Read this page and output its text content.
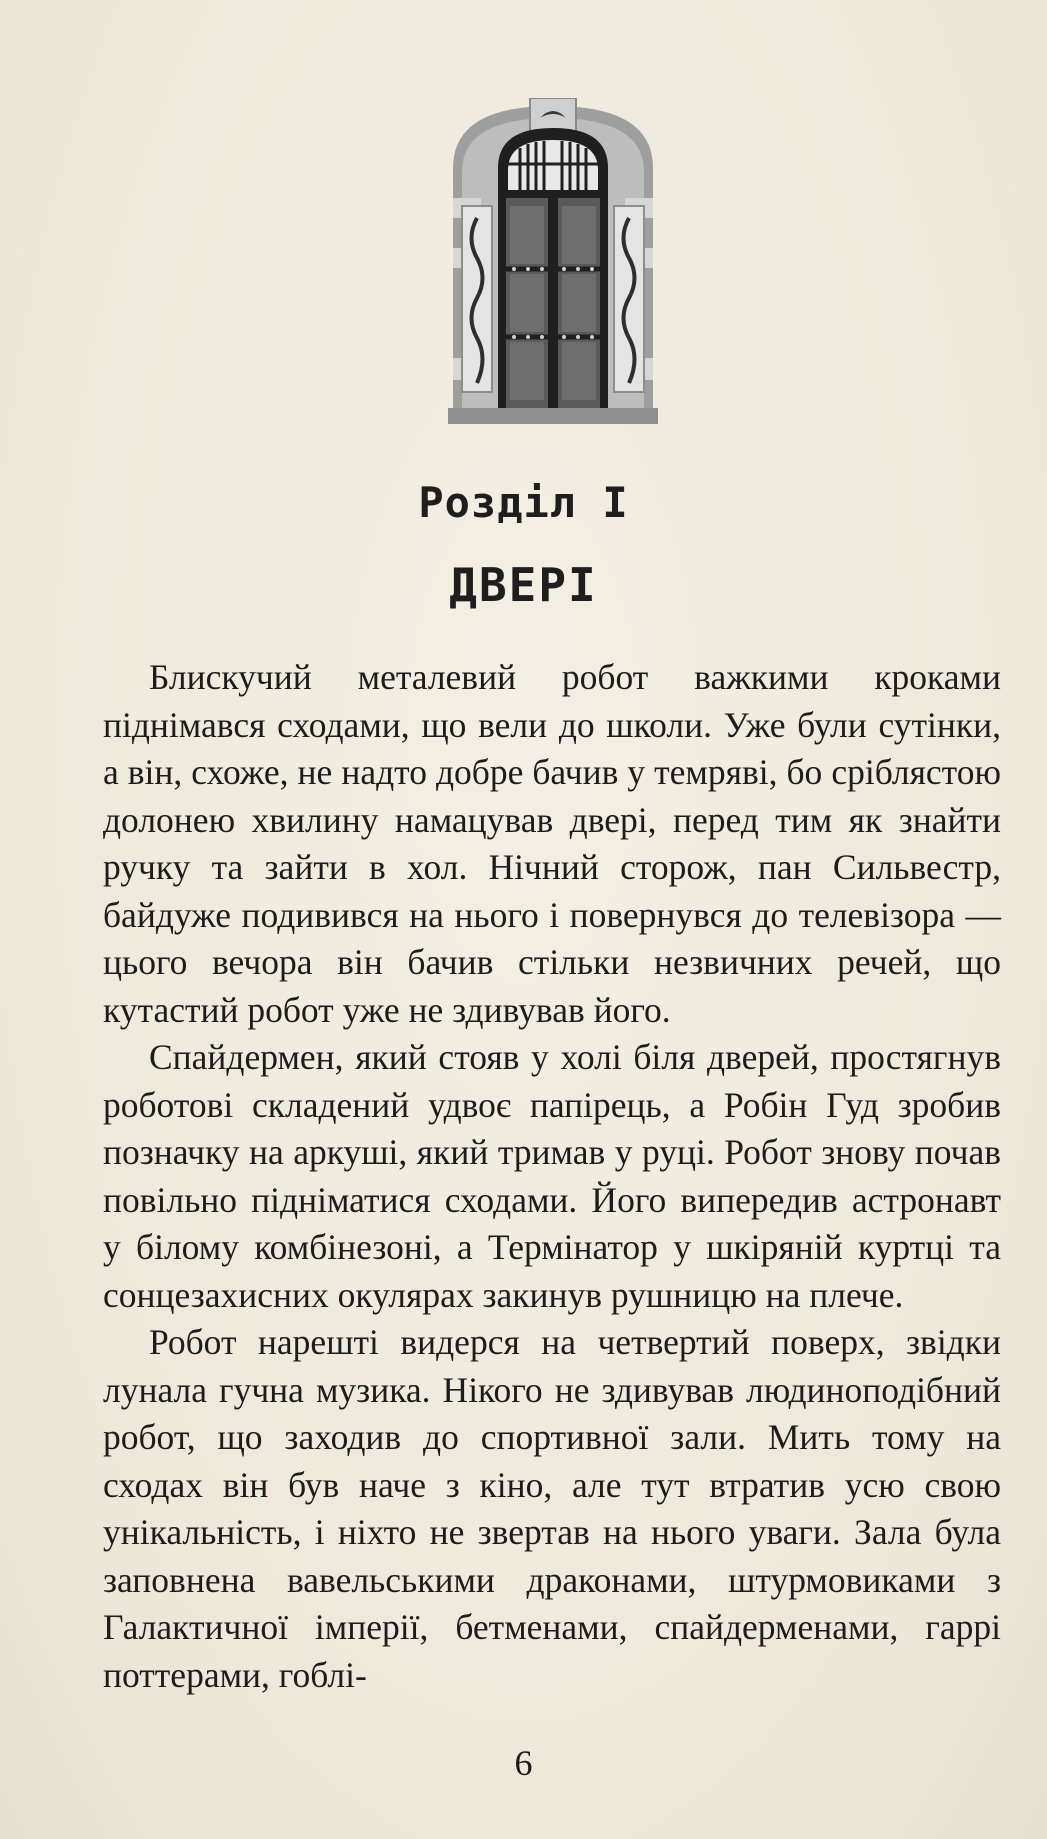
Розділ I
ДВЕРІ

Блискучий металевий робот важкими кроками піднімався сходами, що вели до школи. Уже були сутінки, а він, схоже, не надто добре бачив у темряві, бо сріблястою долонею хвилину намацував двері, перед тим як знайти ручку та зайти в хол. Нічний сторож, пан Сильвестр, байдуже подивився на нього і повернувся до телевізора — цього вечора він бачив стільки незвичних речей, що кутастий робот уже не здивував його.

Спайдермен, який стояв у холі біля дверей, простягнув роботові складений удвоє папірець, а Робін Гуд зробив позначку на аркуші, який тримав у руці. Робот знову почав повільно підніматися сходами. Його випередив астронавт у білому комбінезоні, а Термінатор у шкіряній куртці та сонцезахисних окулярах закинув рушницю на плече.

Робот нарешті видерся на четвертий поверх, звідки лунала гучна музика. Нікого не здивував людиноподібний робот, що заходив до спортивної зали. Мить тому на сходах він був наче з кіно, але тут втратив усю свою унікальність, і ніхто не звертав на нього уваги. Зала була заповнена вавельськими драконами, штурмовиками з Галактичної імперії, бетменами, спайдерменами, гаррі поттерами, гоблі-

6
